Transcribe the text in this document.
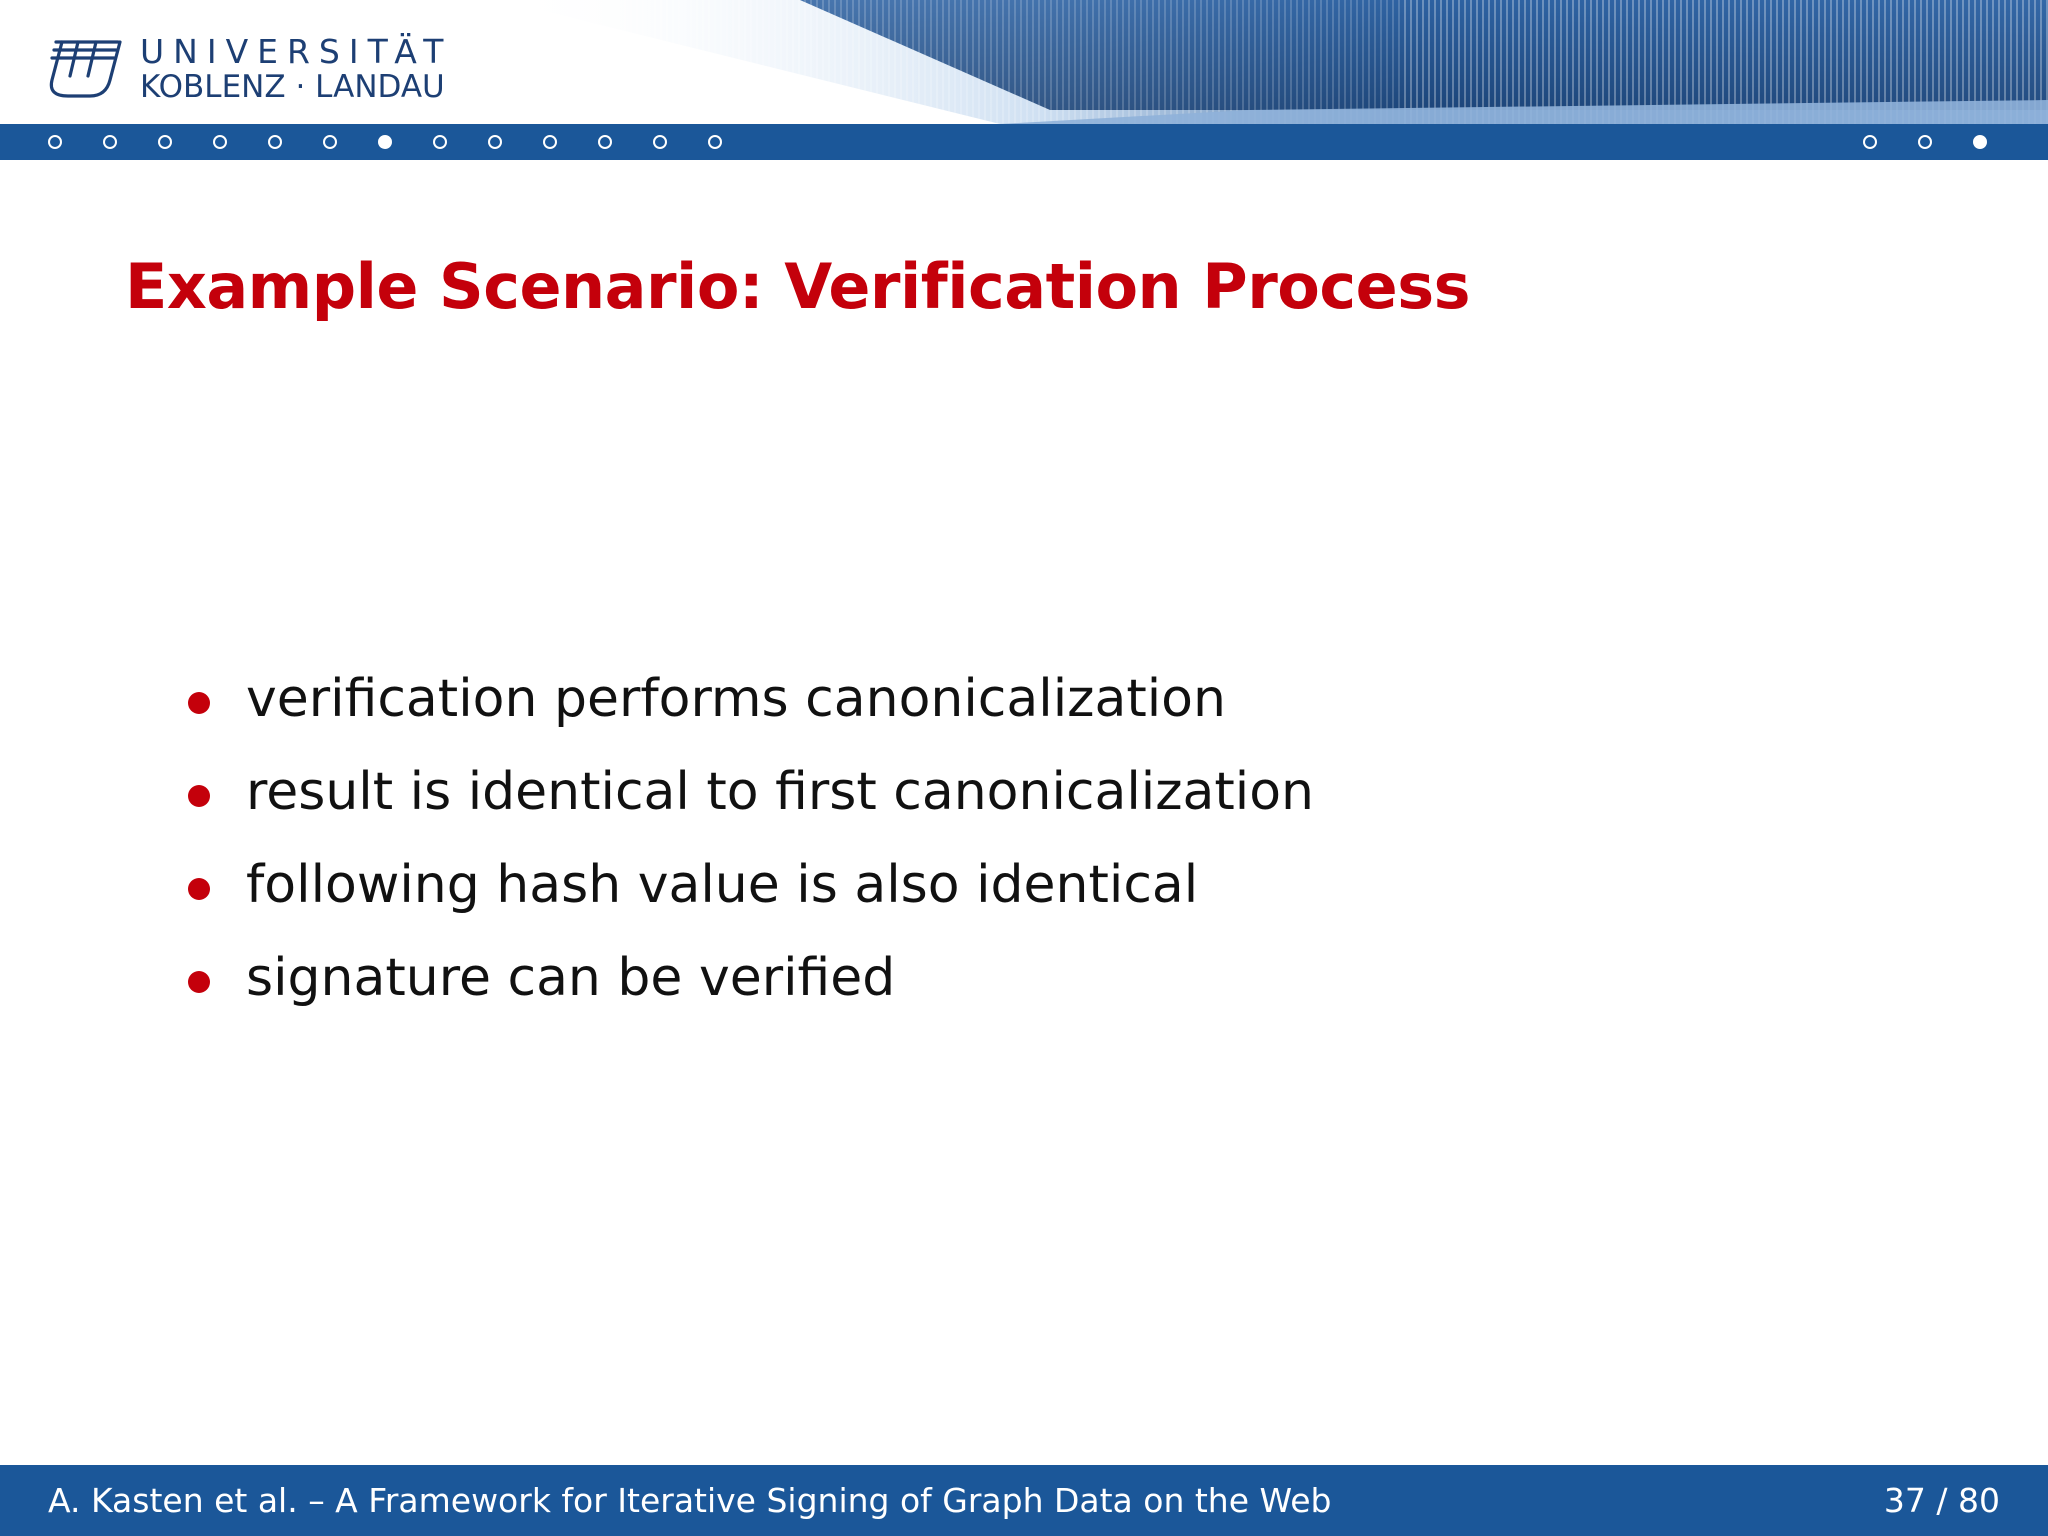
UNIVERSITÄT
KOBLENZ · LANDAU
Example Scenario: Verification Process
verification performs canonicalization
result is identical to first canonicalization
following hash value is also identical
signature can be verified
A. Kasten et al. – A Framework for Iterative Signing of Graph Data on the Web	37 / 80
